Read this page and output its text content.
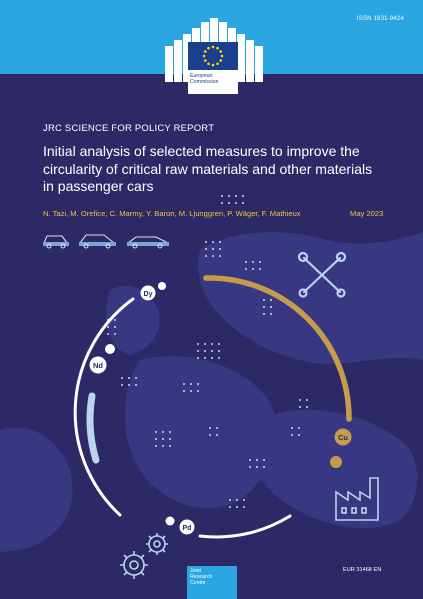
ISSN 1831-9424
European
Commission
Dy
Nd
Cu
Pd
JRC SCIENCE FOR POLICY REPORT
Initial analysis of selected measures to improve the circularity of critical raw materials and other materials in passenger cars
N. Tazi, M. Orefice, C. Marmy, Y. Baron, M. Ljunggren, P. Wäger, F. Mathieux	May 2023
Joint
Research
Centre
EUR 31468 EN
